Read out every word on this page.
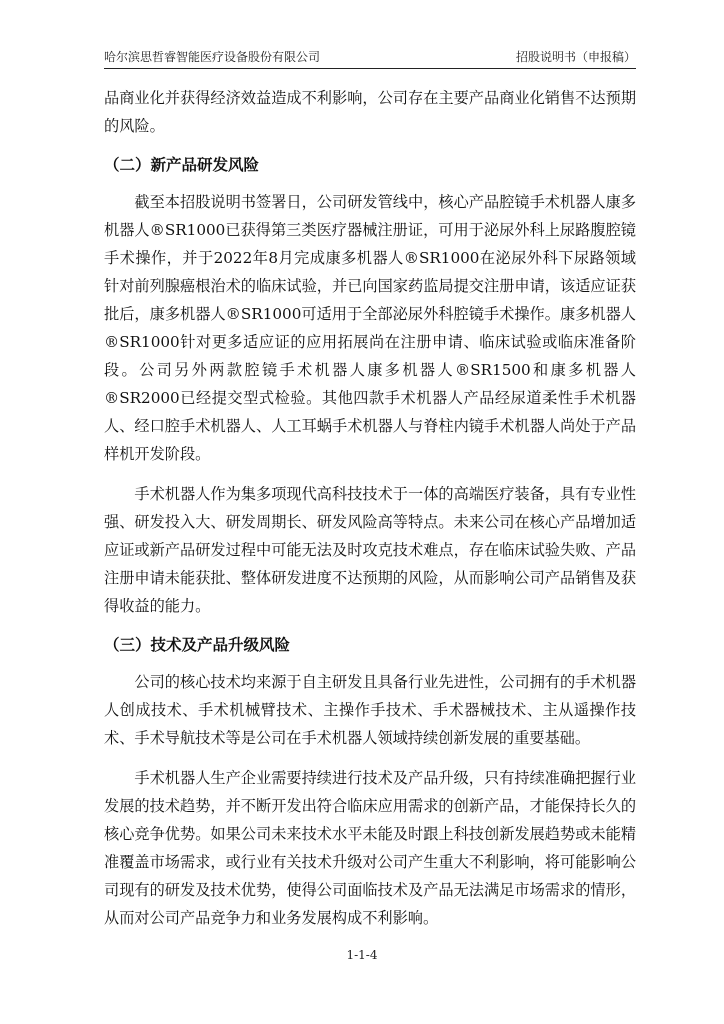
哈尔滨思哲睿智能医疗设备股份有限公司	招股说明书（申报稿）

品商业化并获得经济效益造成不利影响，公司存在主要产品商业化销售不达预期的风险。

（二）新产品研发风险

截至本招股说明书签署日，公司研发管线中，核心产品腔镜手术机器人康多机器人®SR1000已获得第三类医疗器械注册证，可用于泌尿外科上尿路腹腔镜手术操作，并于2022年8月完成康多机器人®SR1000在泌尿外科下尿路领域针对前列腺癌根治术的临床试验，并已向国家药监局提交注册申请，该适应证获批后，康多机器人®SR1000可适用于全部泌尿外科腔镜手术操作。康多机器人®SR1000针对更多适应证的应用拓展尚在注册申请、临床试验或临床准备阶段。公司另外两款腔镜手术机器人康多机器人®SR1500和康多机器人®SR2000已经提交型式检验。其他四款手术机器人产品经尿道柔性手术机器人、经口腔手术机器人、人工耳蜗手术机器人与脊柱内镜手术机器人尚处于产品样机开发阶段。

手术机器人作为集多项现代高科技技术于一体的高端医疗装备，具有专业性强、研发投入大、研发周期长、研发风险高等特点。未来公司在核心产品增加适应证或新产品研发过程中可能无法及时攻克技术难点，存在临床试验失败、产品注册申请未能获批、整体研发进度不达预期的风险，从而影响公司产品销售及获得收益的能力。

（三）技术及产品升级风险

公司的核心技术均来源于自主研发且具备行业先进性，公司拥有的手术机器人创成技术、手术机械臂技术、主操作手技术、手术器械技术、主从遥操作技术、手术导航技术等是公司在手术机器人领域持续创新发展的重要基础。

手术机器人生产企业需要持续进行技术及产品升级，只有持续准确把握行业发展的技术趋势，并不断开发出符合临床应用需求的创新产品，才能保持长久的核心竞争优势。如果公司未来技术水平未能及时跟上科技创新发展趋势或未能精准覆盖市场需求，或行业有关技术升级对公司产生重大不利影响，将可能影响公司现有的研发及技术优势，使得公司面临技术及产品无法满足市场需求的情形，从而对公司产品竞争力和业务发展构成不利影响。

1-1-4
